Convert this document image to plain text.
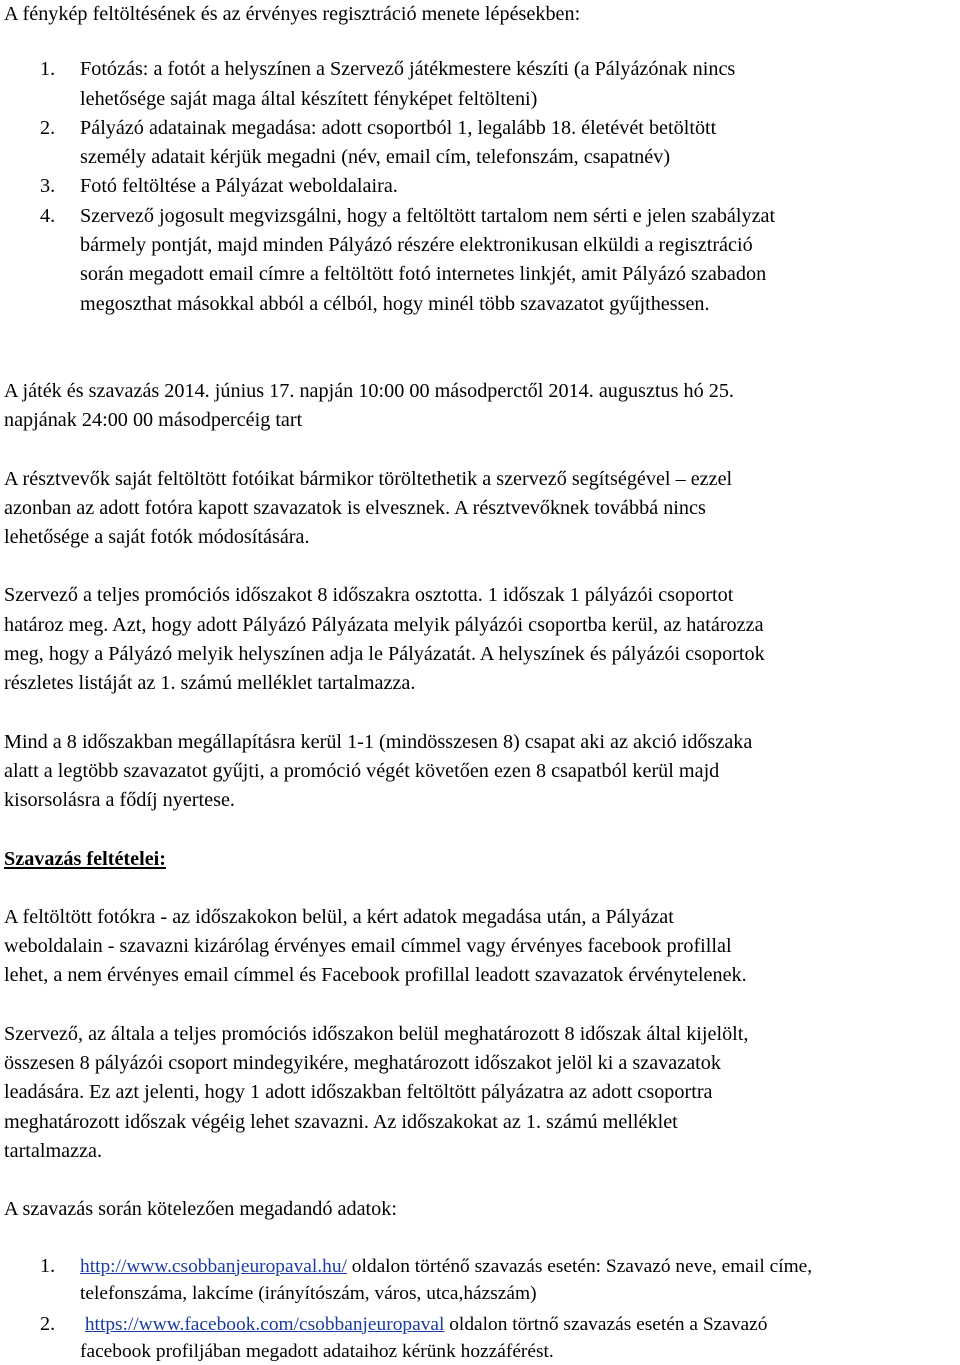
A fénykép feltöltésének és az érvényes regisztráció menete lépésekben:

1. Fotózás: a fotót a helyszínen a Szervező játékmestere készíti (a Pályázónak nincs
lehetősége saját maga által készített fényképet feltölteni)
2. Pályázó adatainak megadása: adott csoportból 1, legalább 18. életévét betöltött
személy adatait kérjük megadni (név, email cím, telefonszám, csapatnév)
3. Fotó feltöltése a Pályázat weboldalaira.
4. Szervező jogosult megvizsgálni, hogy a feltöltött tartalom nem sérti e jelen szabályzat
bármely pontját, majd minden Pályázó részére elektronikusan elküldi a regisztráció
során megadott email címre a feltöltött fotó internetes linkjét, amit Pályázó szabadon
megoszthat másokkal abból a célból, hogy minél több szavazatot gyűjthessen.

A játék és szavazás 2014. június 17. napján 10:00 00 másodperctől 2014. augusztus hó 25.
napjának 24:00 00 másodpercéig tart

A résztvevők saját feltöltött fotóikat bármikor töröltethetik a szervező segítségével – ezzel
azonban az adott fotóra kapott szavazatok is elvesznek. A résztvevőknek továbbá nincs
lehetősége a saját fotók módosítására.

Szervező a teljes promóciós időszakot 8 időszakra osztotta. 1 időszak 1 pályázói csoportot
határoz meg. Azt, hogy adott Pályázó Pályázata melyik pályázói csoportba kerül, az határozza
meg, hogy a Pályázó melyik helyszínen adja le Pályázatát. A helyszínek és pályázói csoportok
részletes listáját az 1. számú melléklet tartalmazza.

Mind a 8 időszakban megállapításra kerül 1-1 (mindösszesen 8) csapat aki az akció időszaka
alatt a legtöbb szavazatot gyűjti, a promóció végét követően ezen 8 csapatból kerül majd
kisorsolásra a fődíj nyertese.

Szavazás feltételei:

A feltöltött fotókra - az időszakokon belül, a kért adatok megadása után, a Pályázat
weboldalain - szavazni kizárólag érvényes email címmel vagy érvényes facebook profillal
lehet, a nem érvényes email címmel és Facebook profillal leadott szavazatok érvénytelenek.

Szervező, az általa a teljes promóciós időszakon belül meghatározott 8 időszak által kijelölt,
összesen 8 pályázói csoport mindegyikére, meghatározott időszakot jelöl ki a szavazatok
leadására. Ez azt jelenti, hogy 1 adott időszakban feltöltött pályázatra az adott csoportra
meghatározott időszak végéig lehet szavazni. Az időszakokat az 1. számú melléklet
tartalmazza.

A szavazás során kötelezően megadandó adatok:

1. http://www.csobbanjeuropaval.hu/ oldalon történő szavazás esetén: Szavazó neve, email címe,
telefonszáma, lakcíme (irányítószám, város, utca,házszám)
2. https://www.facebook.com/csobbanjeuropaval oldalon törtnő szavazás esetén a Szavazó
facebook profiljában megadott adataihoz kérünk hozzáférést.
